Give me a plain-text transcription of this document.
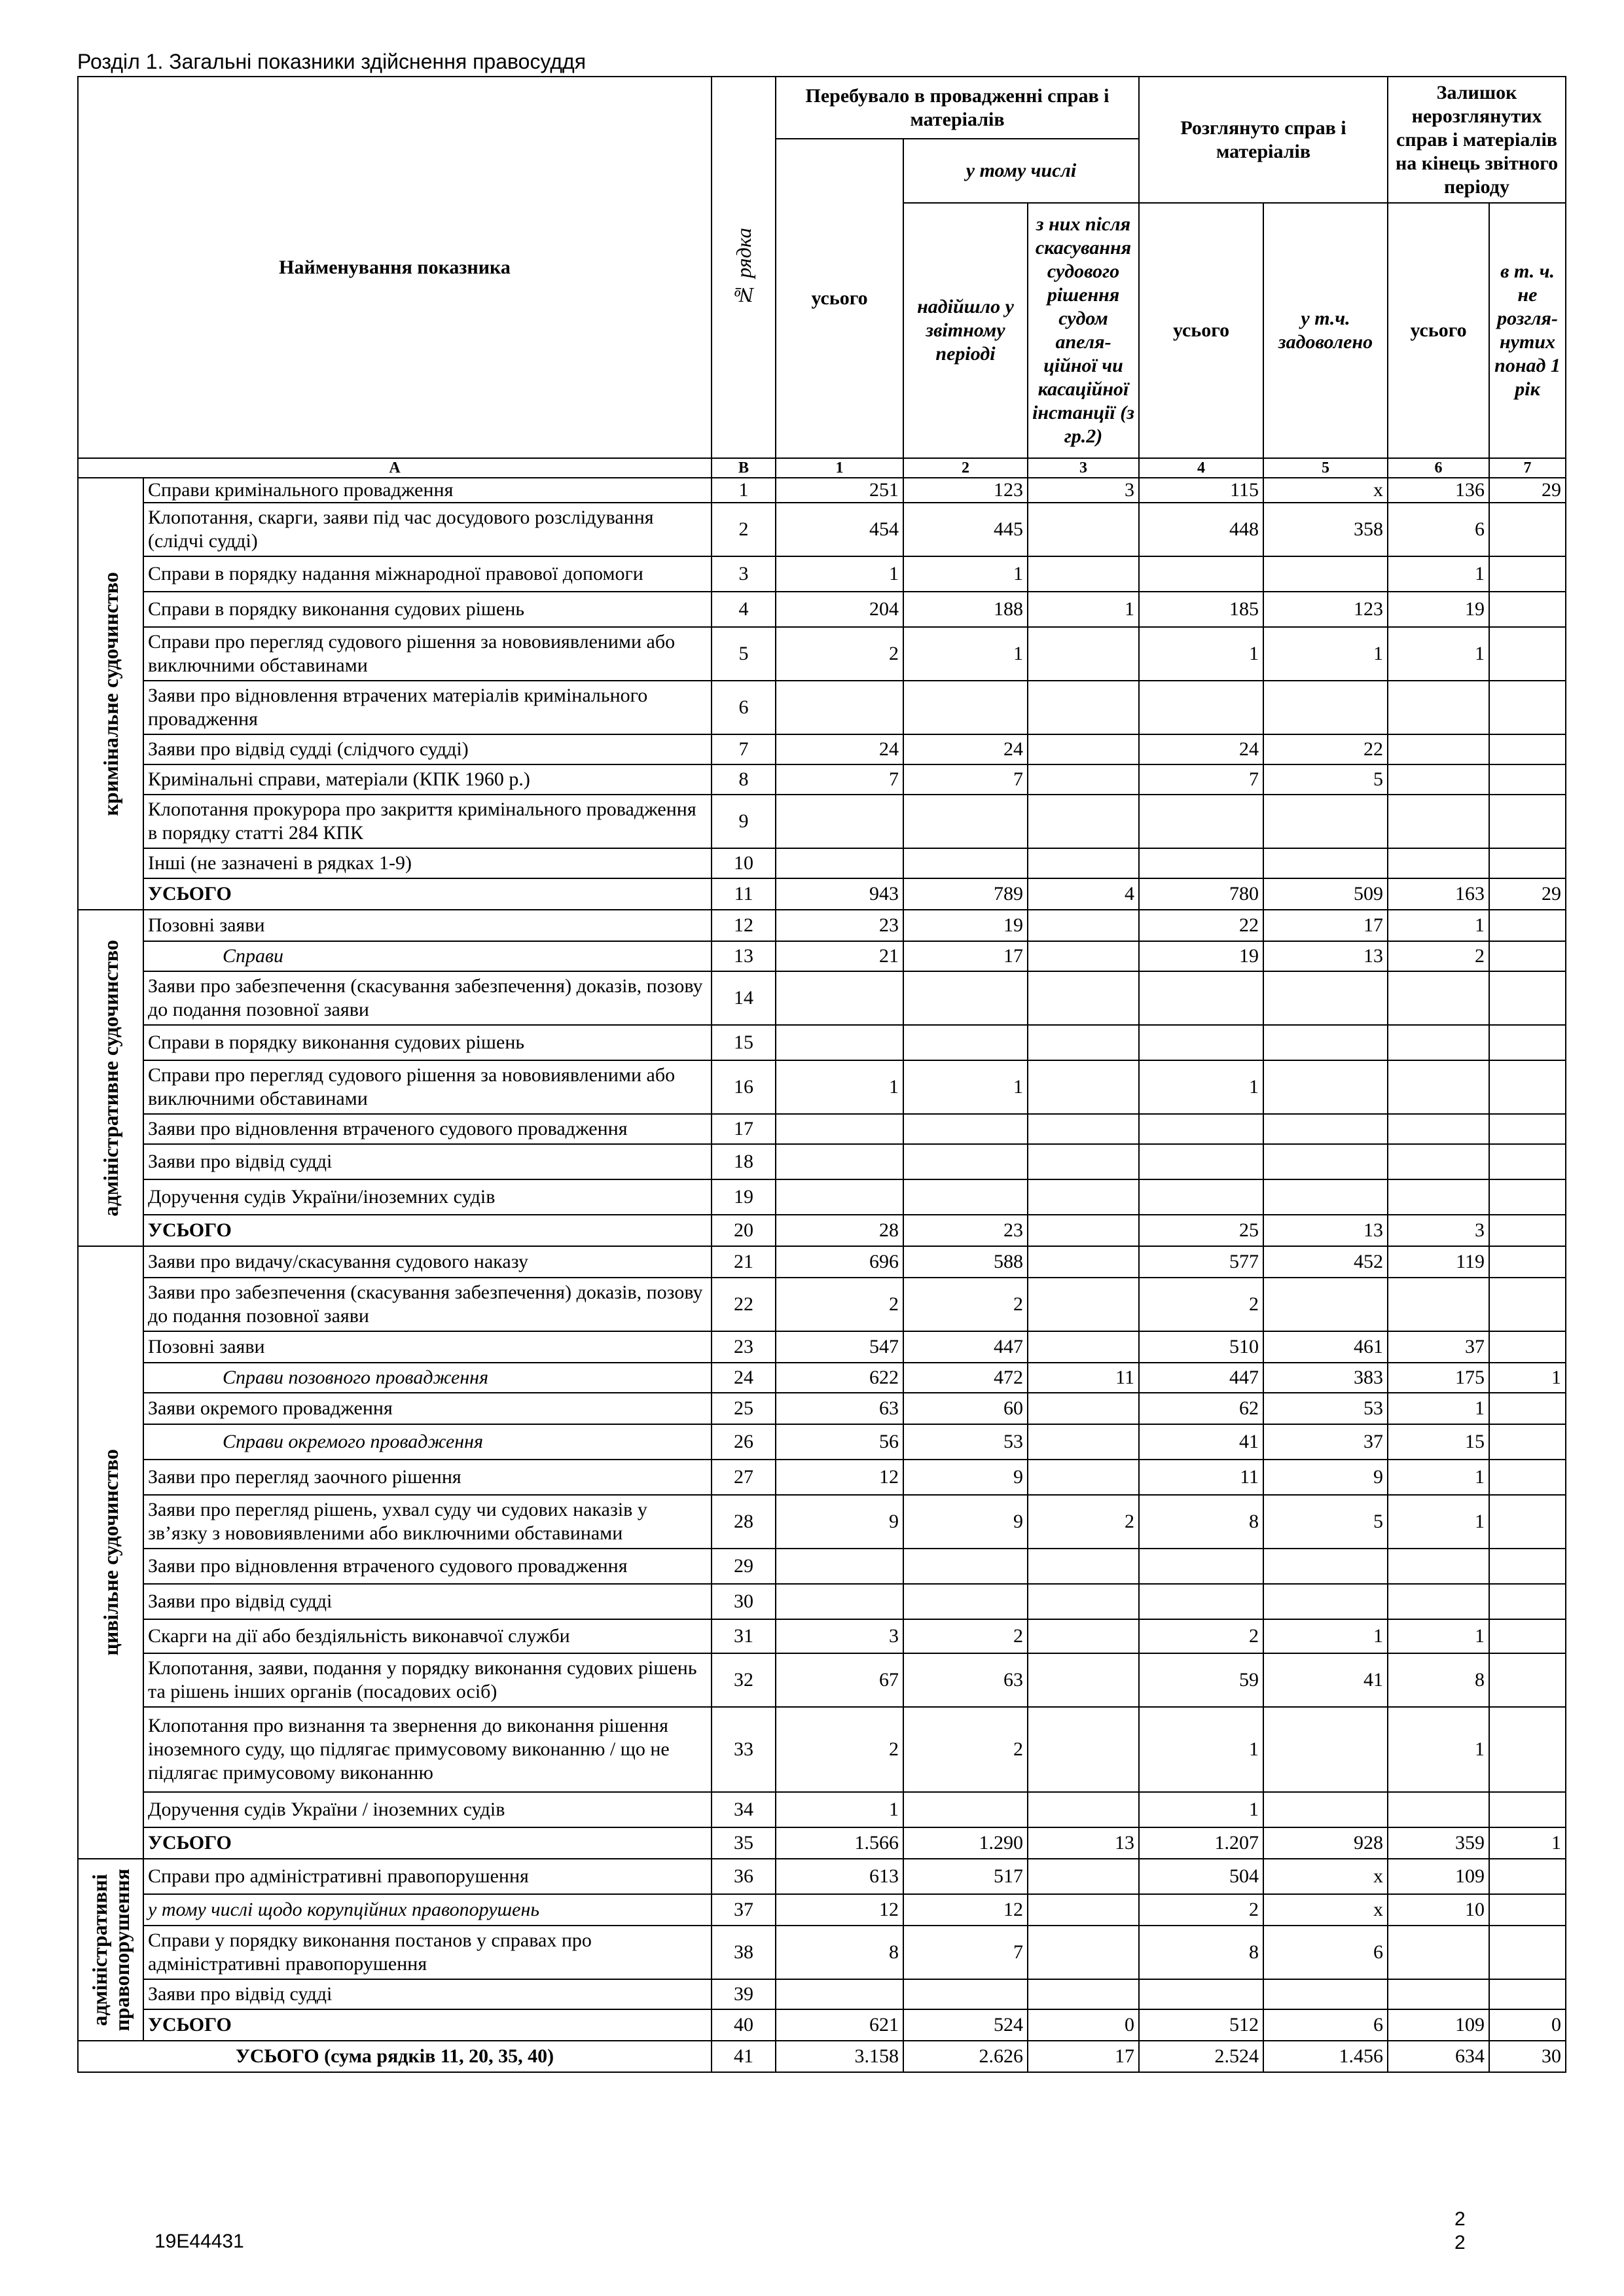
Розділ 1. Загальні показники здійснення правосуддя
Найменування показника		№ рядка	Перебувало в провадженні справ і матеріалів			Розглянуто справ і матеріалів		Залишок нерозглянутих справ і матеріалів на кінець звітного періоду	
			усього	у тому числі					
				надійшло у звітному періоді	з них після скасування судового рішення судом апеля-ційної чи касаційної інстанції (з гр.2)	усього	у т.ч. задоволено	усього	в т. ч. не розгля-нутих понад 1 рік
А		В	1	2	3	4	5	6	7

кримінальне судочинство	Справи кримінального провадження	1	251	123	3	115	х	136	29
	Клопотання, скарги, заяви під час досудового розслідування (слідчі судді)	2	454	445		448	358	6	
	Справи в порядку надання міжнародної правової допомоги	3	1	1				1	
	Справи в порядку виконання судових рішень	4	204	188	1	185	123	19	
	Справи про перегляд судового рішення за нововиявленими або виключними обставинами	5	2	1		1	1	1	
	Заяви про відновлення втрачених матеріалів кримінального провадження	6							
	Заяви про відвід судді (слідчого судді)	7	24	24		24	22		
	Кримінальні справи, матеріали (КПК 1960 р.)	8	7	7		7	5		
	Клопотання прокурора про закриття кримінального провадження в порядку статті 284 КПК	9							
	Інші (не зазначені в рядках 1-9)	10							
	УСЬОГО	11	943	789	4	780	509	163	29

адміністративне судочинство	Позовні заяви	12	23	19		22	17	1	
	Справи	13	21	17		19	13	2	
	Заяви про забезпечення (скасування забезпечення) доказів, позову до подання позовної заяви	14							
	Справи в порядку виконання судових рішень	15							
	Справи про перегляд судового рішення за нововиявленими або виключними обставинами	16	1	1		1			
	Заяви про відновлення втраченого судового провадження	17							
	Заяви про відвід судді	18							
	Доручення судів України/іноземних судів	19							
	УСЬОГО	20	28	23		25	13	3	

цивільне судочинство	Заяви про видачу/скасування судового наказу	21	696	588		577	452	119	
	Заяви про забезпечення (скасування забезпечення) доказів, позову до подання позовної заяви	22	2	2		2			
	Позовні заяви	23	547	447		510	461	37	
	Справи позовного провадження	24	622	472	11	447	383	175	1
	Заяви окремого провадження	25	63	60		62	53	1	
	Справи окремого провадження	26	56	53		41	37	15	
	Заяви про перегляд заочного рішення	27	12	9		11	9	1	
	Заяви про перегляд рішень, ухвал суду чи судових наказів у зв’язку з нововиявленими або виключними обставинами	28	9	9	2	8	5	1	
	Заяви про відновлення втраченого судового провадження	29							
	Заяви про відвід судді	30							
	Скарги на дії або бездіяльність виконавчої служби	31	3	2		2	1	1	
	Клопотання, заяви, подання у порядку виконання судових рішень та рішень інших органів (посадових осіб)	32	67	63		59	41	8	
	Клопотання про визнання та звернення до виконання рішення іноземного суду, що підлягає примусовому виконанню / що не підлягає примусовому виконанню	33	2	2		1		1	
	Доручення судів України / іноземних судів	34	1			1			
	УСЬОГО	35	1.566	1.290	13	1.207	928	359	1

адміністративні
правопорушення	Справи про адміністративні правопорушення	36	613	517		504	х	109	
	у тому числі щодо корупційних правопорушень	37	12	12		2	х	10	
	Справи у порядку виконання постанов у справах про адміністративні правопорушення	38	8	7		8	6		
	Заяви про відвід судді	39							
	УСЬОГО	40	621	524	0	512	6	109	0
УСЬОГО (сума рядків 11, 20, 35, 40)		41	3.158	2.626	17	2.524	1.456	634	30
19E44431
2
2
